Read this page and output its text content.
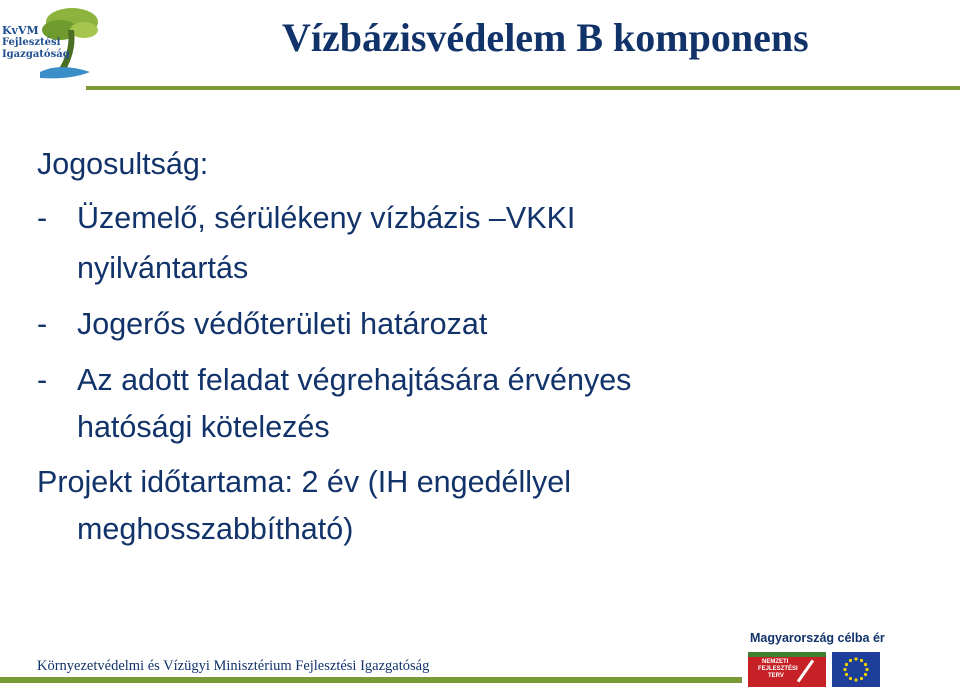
KvVM
Fejlesztési
Igazgatóság	Vízbázisvédelem B komponens
Jogosultság:
- Üzemelő, sérülékeny vízbázis –VKKI
nyilvántartás
- Jogerős védőterületi határozat
- Az adott feladat végrehajtására érvényes
hatósági kötelezés
Projekt időtartama: 2 év (IH engedéllyel
meghosszabbítható)
Magyarország célba ér
NEMZETI
FEJLESZTÉSI
TERV
Környezetvédelmi és Vízügyi Minisztérium Fejlesztési Igazgatóság
